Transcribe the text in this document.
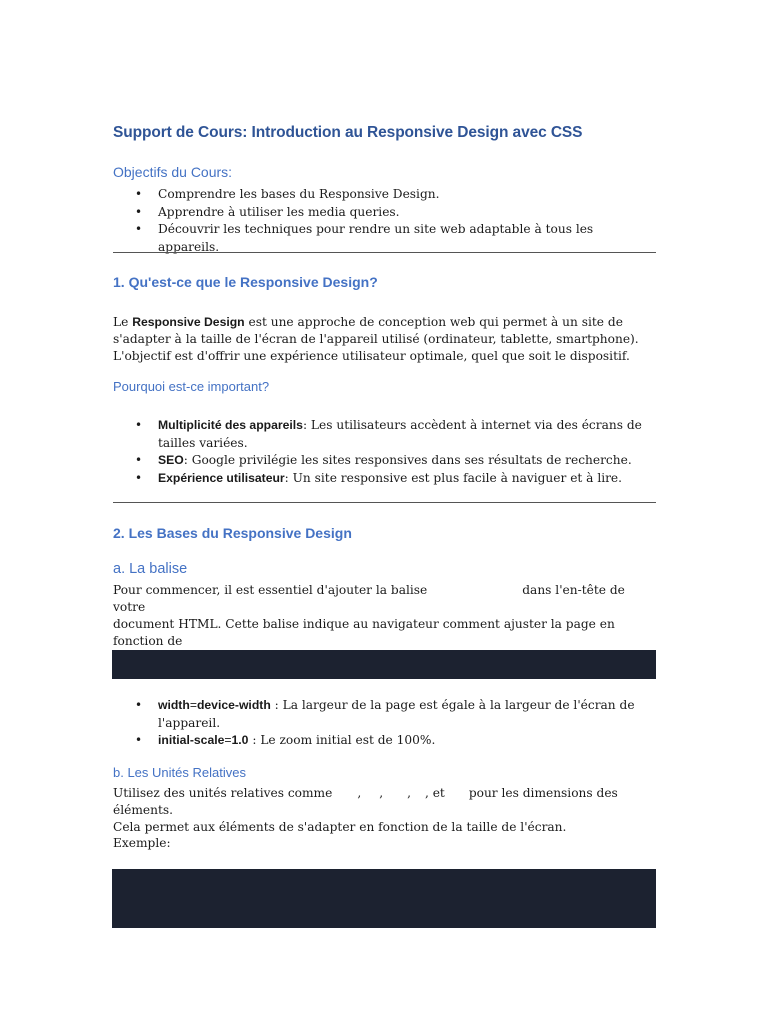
Support de Cours: Introduction au Responsive Design avec CSS
Objectifs du Cours:
• Comprendre les bases du Responsive Design.
• Apprendre à utiliser les media queries.
• Découvrir les techniques pour rendre un site web adaptable à tous les appareils.
1. Qu'est-ce que le Responsive Design?
Le Responsive Design est une approche de conception web qui permet à un site de
s'adapter à la taille de l'écran de l'appareil utilisé (ordinateur, tablette, smartphone).
L'objectif est d'offrir une expérience utilisateur optimale, quel que soit le dispositif.
Pourquoi est-ce important?
• Multiplicité des appareils: Les utilisateurs accèdent à internet via des écrans de tailles variées.
• SEO: Google privilégie les sites responsives dans ses résultats de recherche.
• Expérience utilisateur: Un site responsive est plus facile à naviguer et à lire.
2. Les Bases du Responsive Design
a. La balise
Pour commencer, il est essentiel d'ajouter la balise	dans l'en-tête de votre
document HTML. Cette balise indique au navigateur comment ajuster la page en fonction de
• width=device-width : La largeur de la page est égale à la largeur de l'écran de l'appareil.
• initial-scale=1.0 : Le zoom initial est de 100%.
b. Les Unités Relatives
Utilisez des unités relatives comme , , , , et pour les dimensions des éléments.
Cela permet aux éléments de s'adapter en fonction de la taille de l'écran.
Exemple:
